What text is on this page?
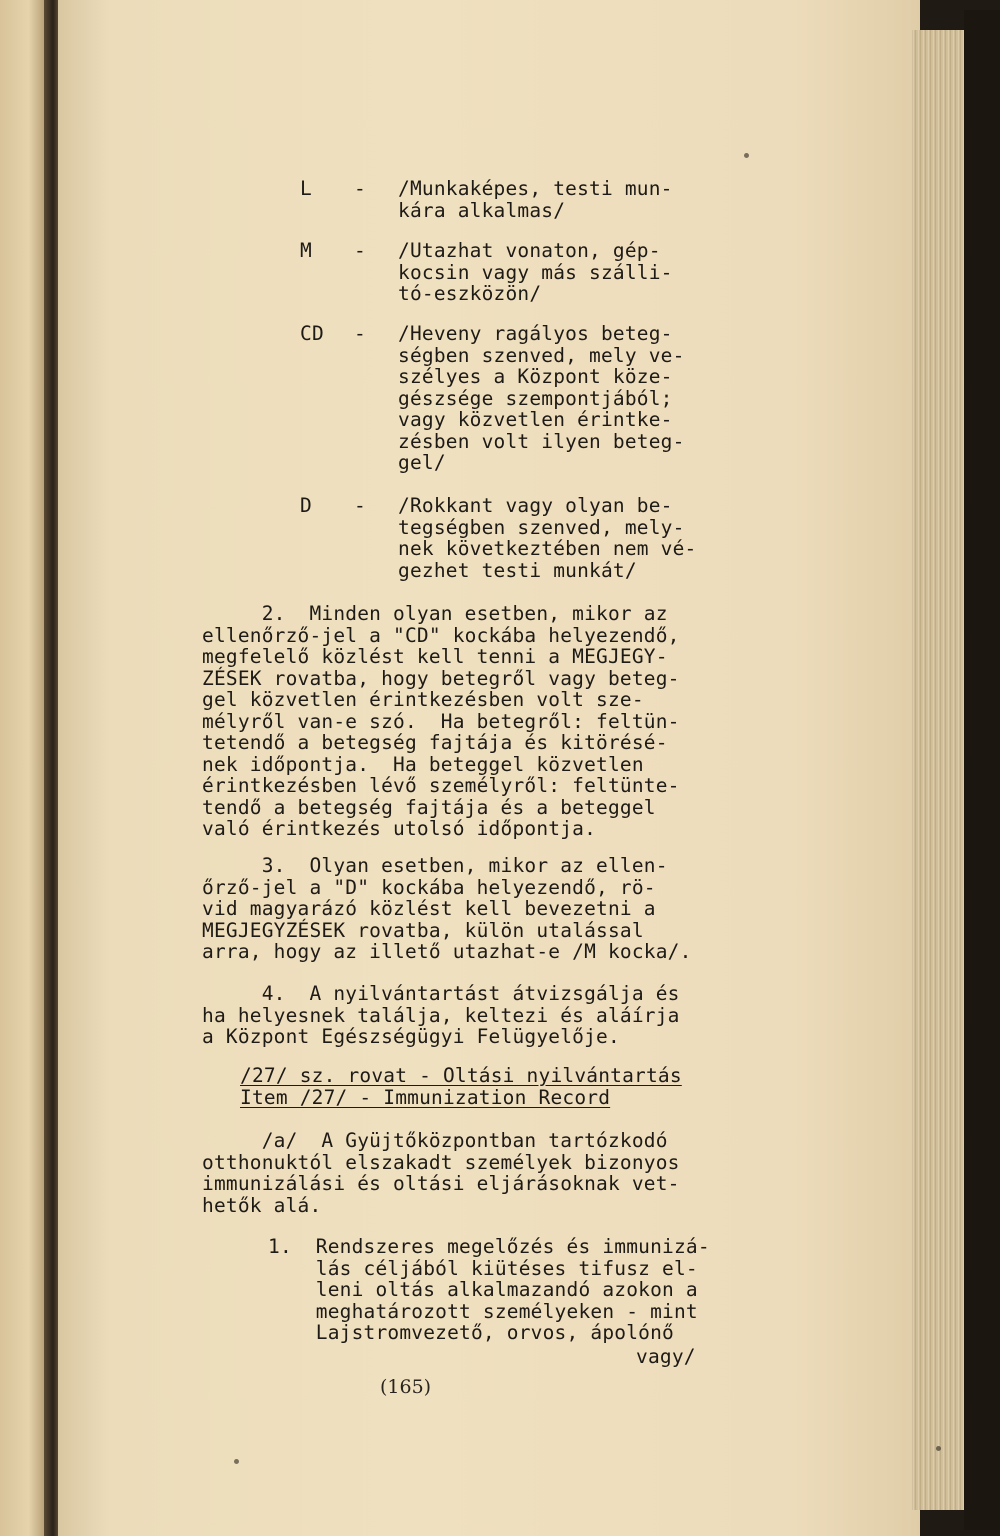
L	-	/Munkaképes, testi mun-
kára alkalmas/
M	-	/Utazhat vonaton, gép-
kocsin vagy más szálli-
tó-eszközön/
CD	-	/Heveny ragályos beteg-
ségben szenved, mely ve-
szélyes a Központ köze-
gészsége szempontjából;
vagy közvetlen érintke-
zésben volt ilyen beteg-
gel/
D	-	/Rokkant vagy olyan be-
tegségben szenved, mely-
nek következtében nem vé-
gezhet testi munkát/
2.  Minden olyan esetben, mikor az
ellenőrző-jel a "CD" kockába helyezendő,
megfelelő közlést kell tenni a MEGJEGY-
ZÉSEK rovatba, hogy betegről vagy beteg-
gel közvetlen érintkezésben volt sze-
mélyről van-e szó.  Ha betegről: feltün-
tetendő a betegség fajtája és kitörésé-
nek időpontja.  Ha beteggel közvetlen
érintkezésben lévő személyről: feltünte-
tendő a betegség fajtája és a beteggel
való érintkezés utolsó időpontja.
3.  Olyan esetben, mikor az ellen-
őrző-jel a "D" kockába helyezendő, rö-
vid magyarázó közlést kell bevezetni a
MEGJEGYZÉSEK rovatba, külön utalással
arra, hogy az illető utazhat-e /M kocka/.
4.  A nyilvántartást átvizsgálja és
ha helyesnek találja, keltezi és aláírja
a Központ Egészségügyi Felügyelője.
/27/ sz. rovat - Oltási nyilvántartás
Item /27/ - Immunization Record
/a/  A Gyüjtőközpontban tartózkodó
otthonuktól elszakadt személyek bizonyos
immunizálási és oltási eljárásoknak vet-
hetők alá.
1.  Rendszeres megelőzés és immunizá-
lás céljából kiütéses tifusz el-
leni oltás alkalmazandó azokon a
meghatározott személyeken - mint
Lajstromvezető, orvos, ápolónő
vagy/
(165)
